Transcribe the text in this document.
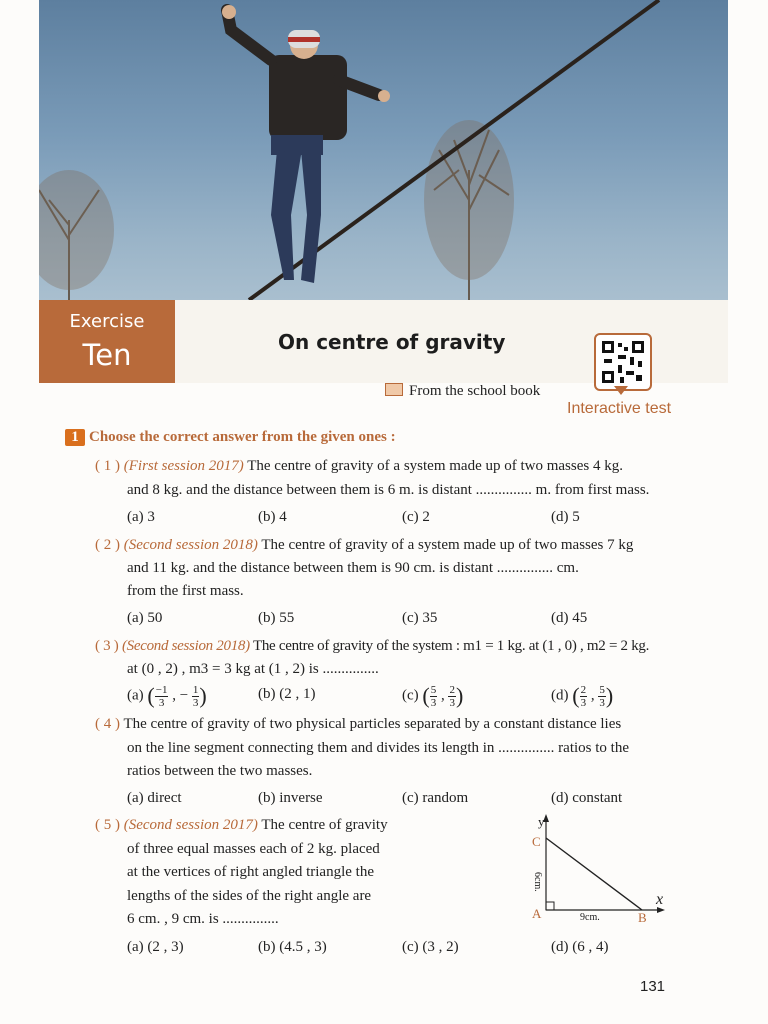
Exercise
Ten	On centre of gravity
From the school book
Interactive test
1 Choose the correct answer from the given ones :
( 1 ) (First session 2017) The centre of gravity of a system made up of two masses 4 kg.
and 8 kg. and the distance between them is 6 m. is distant ............... m. from first mass.
(a) 3	(b) 4	(c) 2	(d) 5
( 2 ) (Second session 2018) The centre of gravity of a system made up of two masses 7 kg
and 11 kg. and the distance between them is 90 cm. is distant ............... cm.
from the first mass.
(a) 50	(b) 55	(c) 35	(d) 45
( 3 ) (Second session 2018) The centre of gravity of the system : m1 = 1 kg. at (1 , 0) , m2 = 2 kg.
at (0 , 2) , m3 = 3 kg at (1 , 2) is ...............
(a) ( $\frac{-1}{3}$ , − $\frac{1}{3}$ )	(b) (2 , 1)	(c) ( $\frac{5}{3}$ , $\frac{2}{3}$ )	(d) ( $\frac{2}{3}$ , $\frac{5}{3}$ )
( 4 ) The centre of gravity of two physical particles separated by a constant distance lies
on the line segment connecting them and divides its length in ............... ratios to the
ratios between the two masses.
(a) direct	(b) inverse	(c) random	(d) constant
( 5 ) (Second session 2017) The centre of gravity
of three equal masses each of 2 kg. placed
at the vertices of right angled triangle the
lengths of the sides of the right angle are
6 cm. , 9 cm. is ...............
(a) (2 , 3)	(b) (4.5 , 3)	(c) (3 , 2)	(d) (6 , 4)
y
x
C
A	B
6cm.
9cm.
131
